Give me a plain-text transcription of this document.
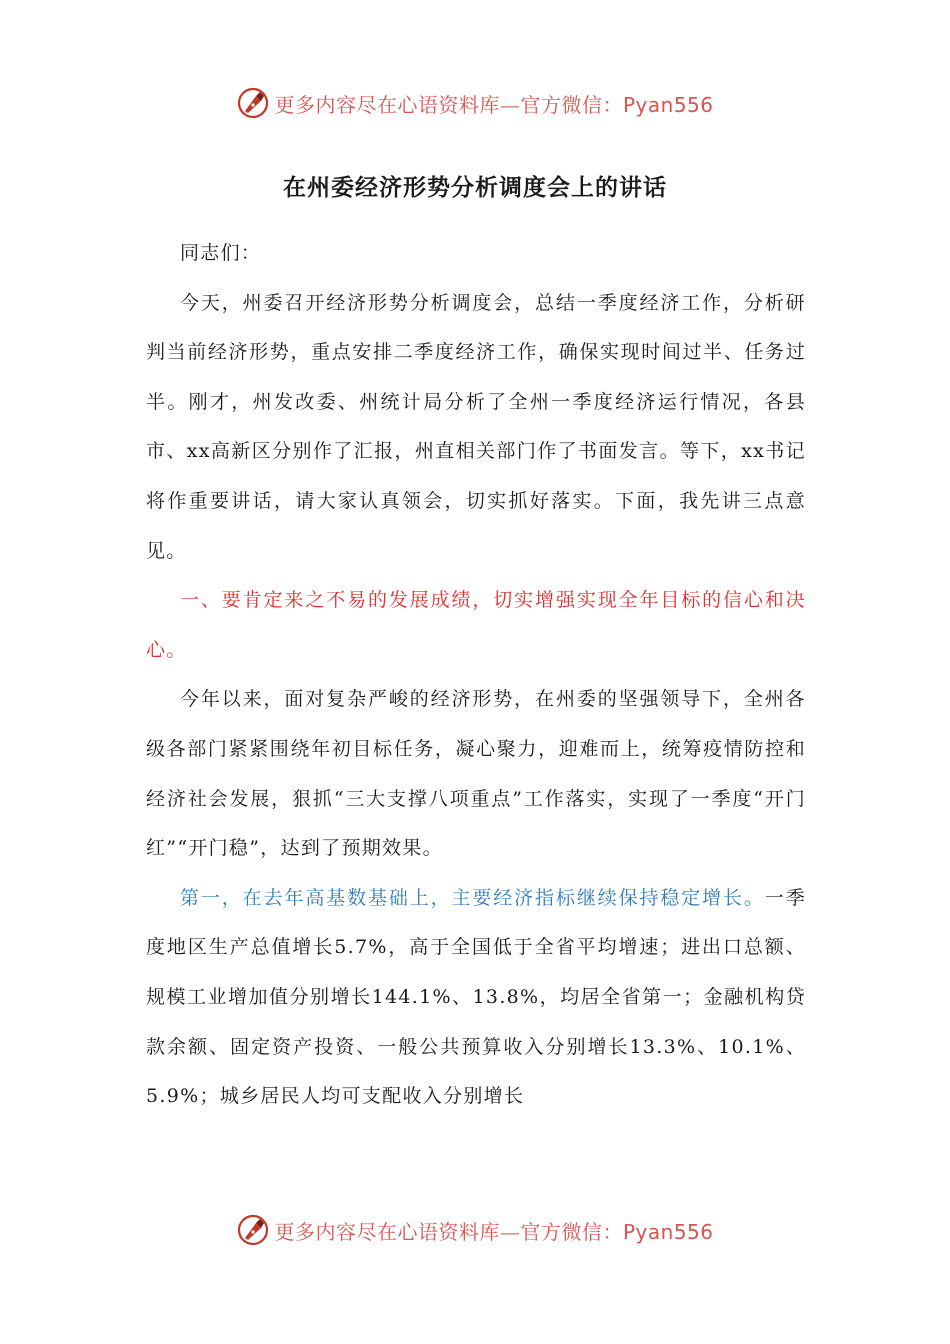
更多内容尽在心语资料库—官方微信：Pyan556
在州委经济形势分析调度会上的讲话

同志们：

今天，州委召开经济形势分析调度会，总结一季度经济工作，分析研判当前经济形势，重点安排二季度经济工作，确保实现时间过半、任务过半。刚才，州发改委、州统计局分析了全州一季度经济运行情况，各县市、xx高新区分别作了汇报，州直相关部门作了书面发言。等下，xx书记将作重要讲话，请大家认真领会，切实抓好落实。下面，我先讲三点意见。

一、要肯定来之不易的发展成绩，切实增强实现全年目标的信心和决心。

今年以来，面对复杂严峻的经济形势，在州委的坚强领导下，全州各级各部门紧紧围绕年初目标任务，凝心聚力，迎难而上，统筹疫情防控和经济社会发展，狠抓“三大支撑八项重点”工作落实，实现了一季度“开门红”“开门稳”，达到了预期效果。

第一，在去年高基数基础上，主要经济指标继续保持稳定增长。一季度地区生产总值增长5.7%，高于全国低于全省平均增速；进出口总额、规模工业增加值分别增长144.1%、13.8%，均居全省第一；金融机构贷款余额、固定资产投资、一般公共预算收入分别增长13.3%、10.1%、5.9%；城乡居民人均可支配收入分别增长

更多内容尽在心语资料库—官方微信：Pyan556
